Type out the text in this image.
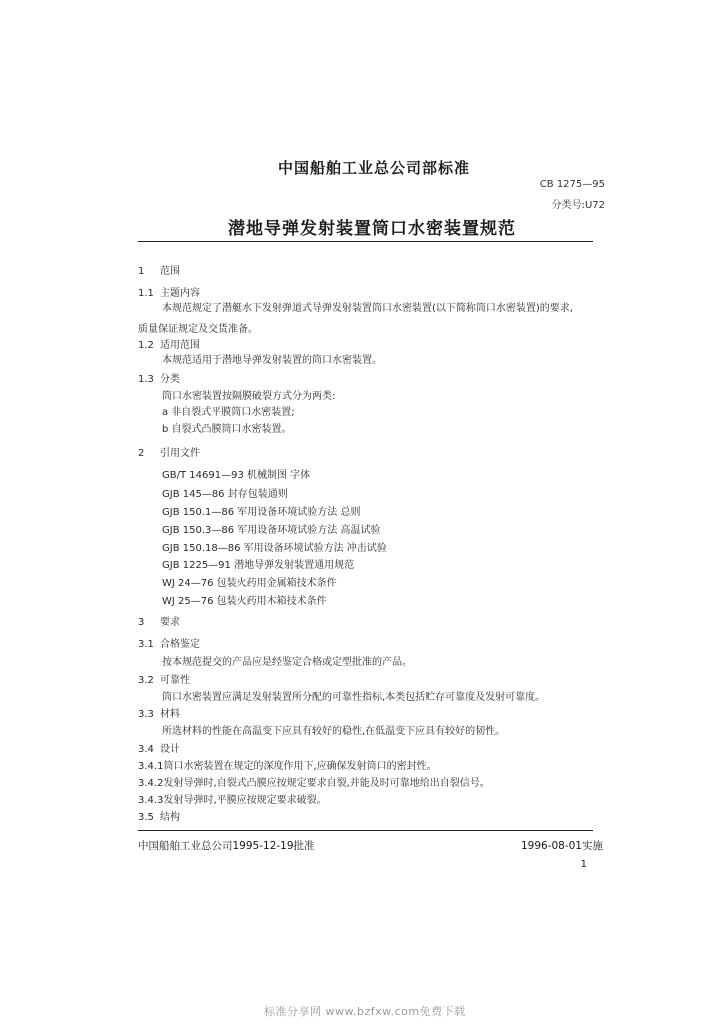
中国船舶工业总公司部标准
CB 1275—95
分类号:U72
潜地导弹发射装置筒口水密装置规范
1 范围
1.1 主题内容
本规范规定了潜艇水下发射弹道式导弹发射装置筒口水密装置(以下简称筒口水密装置)的要求,
质量保证规定及交货准备。
1.2 适用范围
本规范适用于潜地导弹发射装置的筒口水密装置。
1.3 分类
筒口水密装置按隔膜破裂方式分为两类:
a 非自裂式平膜筒口水密装置;
b 自裂式凸膜筒口水密装置。
2 引用文件
GB/T 14691—93 机械制图 字体
GJB 145—86 封存包装通则
GJB 150.1—86 军用设备环境试验方法 总则
GJB 150.3—86 军用设备环境试验方法 高温试验
GJB 150.18—86 军用设备环境试验方法 冲击试验
GJB 1225—91 潜地导弹发射装置通用规范
WJ 24—76 包装火药用金属箱技术条件
WJ 25—76 包装火药用木箱技术条件
3 要求
3.1 合格鉴定
按本规范提交的产品应是经鉴定合格或定型批准的产品。
3.2 可靠性
筒口水密装置应满足发射装置所分配的可靠性指标,本类包括贮存可靠度及发射可靠度。
3.3 材料
所选材料的性能在高温变下应具有较好的稳性,在低温变下应具有较好的韧性。
3.4 设计
3.4.1筒口水密装置在规定的深度作用下,应确保发射筒口的密封性。
3.4.2发射导弹时,自裂式凸膜应按规定要求自裂,并能及时可靠地给出自裂信号。
3.4.3发射导弹时,平膜应按规定要求破裂。
3.5 结构
中国船舶工业总公司1995-12-19批准	1996-08-01实施
1
标准分享网 www.bzfxw.com免费下载
